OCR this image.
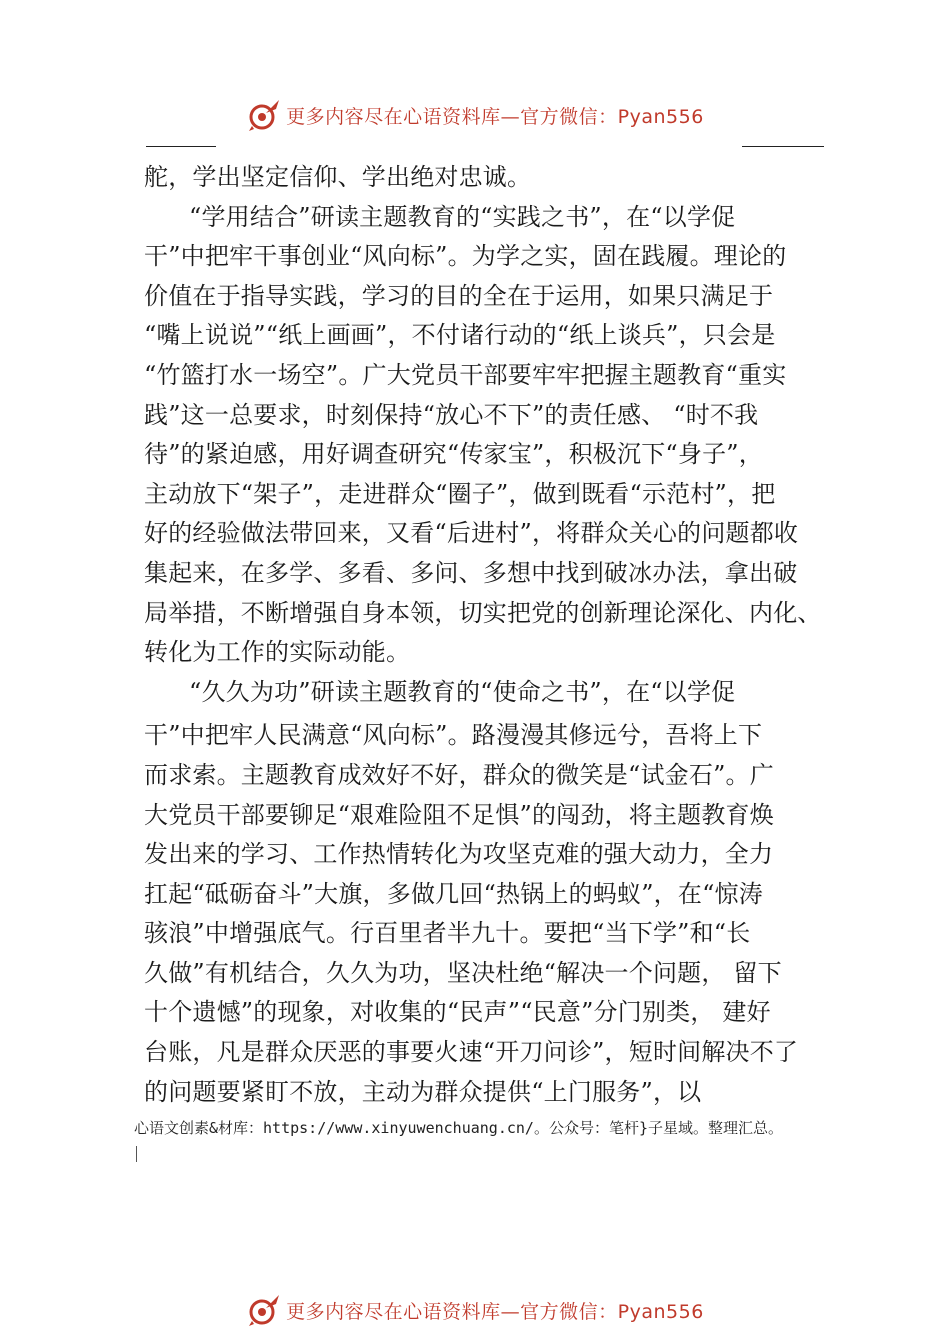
更多内容尽在心语资料库—官方微信：Pyan556
舵，学出坚定信仰、学出绝对忠诚。
“学用结合”研读主题教育的“实践之书”，在“以学促
干”中把牢干事创业“风向标”。为学之实，固在践履。理论的
价值在于指导实践，学习的目的全在于运用，如果只满足于
“嘴上说说”“纸上画画”，不付诸行动的“纸上谈兵”，只会是
“竹篮打水一场空”。广大党员干部要牢牢把握主题教育“重实
践”这一总要求，时刻保持“放心不下”的责任感、 “时不我
待”的紧迫感，用好调查研究“传家宝”，积极沉下“身子”，
主动放下“架子”，走进群众“圈子”，做到既看“示范村”，把
好的经验做法带回来，又看“后进村”，将群众关心的问题都收
集起来，在多学、多看、多问、多想中找到破冰办法，拿出破
局举措，不断增强自身本领，切实把党的创新理论深化、内化、
转化为工作的实际动能。
“久久为功”研读主题教育的“使命之书”，在“以学促
干”中把牢人民满意“风向标”。路漫漫其修远兮，吾将上下
而求索。主题教育成效好不好，群众的微笑是“试金石”。广
大党员干部要铆足“艰难险阻不足惧”的闯劲，将主题教育焕
发出来的学习、工作热情转化为攻坚克难的强大动力，全力
扛起“砥砺奋斗”大旗，多做几回“热锅上的蚂蚁”，在“惊涛
骇浪”中增强底气。行百里者半九十。要把“当下学”和“长
久做”有机结合，久久为功，坚决杜绝“解决一个问题， 留下
十个遗憾”的现象，对收集的“民声”“民意”分门别类， 建好
台账，凡是群众厌恶的事要火速“开刀问诊”，短时间解决不了
的问题要紧盯不放，主动为群众提供“上门服务”，以
心语文创素&材库：https://www.xinyuwenchuang.cn/。公众号：笔杆}子星域。整理汇总。
更多内容尽在心语资料库—官方微信：Pyan556
